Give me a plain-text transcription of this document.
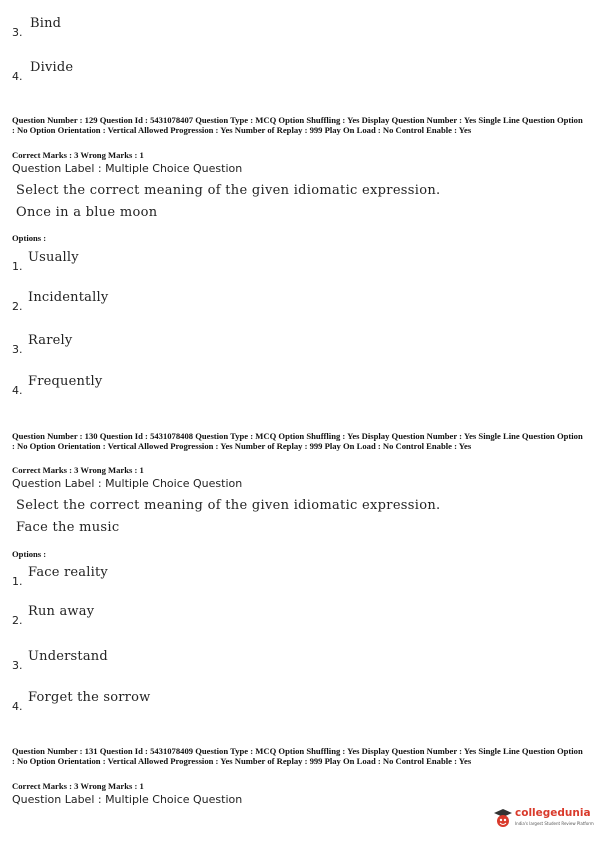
Bind
3.
Divide
4.

Question Number : 129 Question Id : 5431078407 Question Type : MCQ Option Shuffling : Yes Display Question Number : Yes Single Line Question Option : No Option Orientation : Vertical Allowed Progression : Yes Number of Replay : 999 Play On Load : No Control Enable : Yes

Correct Marks : 3 Wrong Marks : 1
Question Label : Multiple Choice Question
Select the correct meaning of the given idiomatic expression.
Once in a blue moon
Options :
Usually
1.
Incidentally
2.
Rarely
3.
Frequently
4.

Question Number : 130 Question Id : 5431078408 Question Type : MCQ Option Shuffling : Yes Display Question Number : Yes Single Line Question Option : No Option Orientation : Vertical Allowed Progression : Yes Number of Replay : 999 Play On Load : No Control Enable : Yes

Correct Marks : 3 Wrong Marks : 1
Question Label : Multiple Choice Question
Select the correct meaning of the given idiomatic expression.
Face the music
Options :
Face reality
1.
Run away
2.
Understand
3.
Forget the sorrow
4.

Question Number : 131 Question Id : 5431078409 Question Type : MCQ Option Shuffling : Yes Display Question Number : Yes Single Line Question Option : No Option Orientation : Vertical Allowed Progression : Yes Number of Replay : 999 Play On Load : No Control Enable : Yes

Correct Marks : 3 Wrong Marks : 1
Question Label : Multiple Choice Question
collegedunia
India's largest Student Review Platform
